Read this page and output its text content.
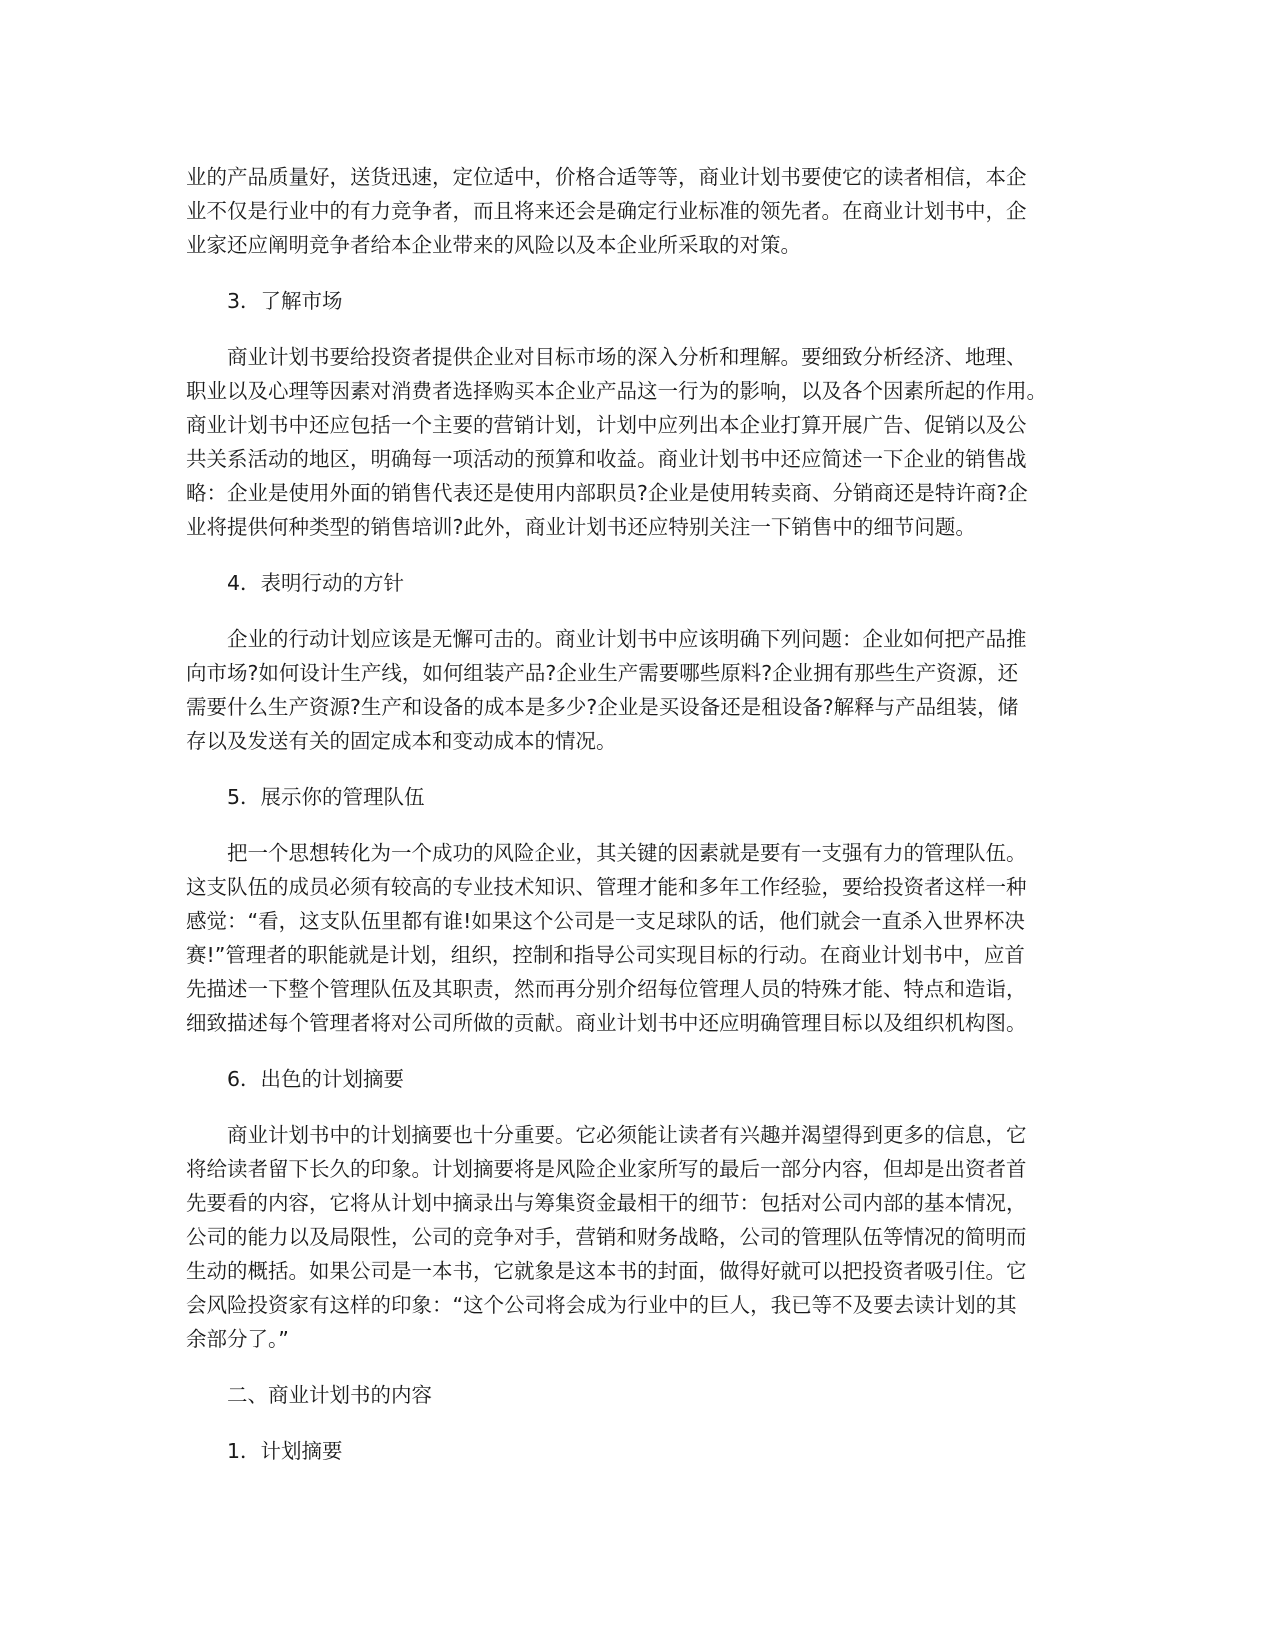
业的产品质量好，送货迅速，定位适中，价格合适等等，商业计划书要使它的读者相信，本企
业不仅是行业中的有力竞争者，而且将来还会是确定行业标准的领先者。在商业计划书中，企
业家还应阐明竞争者给本企业带来的风险以及本企业所采取的对策。
3．了解市场
商业计划书要给投资者提供企业对目标市场的深入分析和理解。要细致分析经济、地理、
职业以及心理等因素对消费者选择购买本企业产品这一行为的影响，以及各个因素所起的作用。
商业计划书中还应包括一个主要的营销计划，计划中应列出本企业打算开展广告、促销以及公
共关系活动的地区，明确每一项活动的预算和收益。商业计划书中还应简述一下企业的销售战
略：企业是使用外面的销售代表还是使用内部职员?企业是使用转卖商、分销商还是特许商?企
业将提供何种类型的销售培训?此外，商业计划书还应特别关注一下销售中的细节问题。
4．表明行动的方针
企业的行动计划应该是无懈可击的。商业计划书中应该明确下列问题：企业如何把产品推
向市场?如何设计生产线，如何组装产品?企业生产需要哪些原料?企业拥有那些生产资源，还
需要什么生产资源?生产和设备的成本是多少?企业是买设备还是租设备?解释与产品组装，储
存以及发送有关的固定成本和变动成本的情况。
5．展示你的管理队伍
把一个思想转化为一个成功的风险企业，其关键的因素就是要有一支强有力的管理队伍。
这支队伍的成员必须有较高的专业技术知识、管理才能和多年工作经验，要给投资者这样一种
感觉：“看，这支队伍里都有谁!如果这个公司是一支足球队的话，他们就会一直杀入世界杯决
赛!”管理者的职能就是计划，组织，控制和指导公司实现目标的行动。在商业计划书中，应首
先描述一下整个管理队伍及其职责，然而再分别介绍每位管理人员的特殊才能、特点和造诣，
细致描述每个管理者将对公司所做的贡献。商业计划书中还应明确管理目标以及组织机构图。
6．出色的计划摘要
商业计划书中的计划摘要也十分重要。它必须能让读者有兴趣并渴望得到更多的信息，它
将给读者留下长久的印象。计划摘要将是风险企业家所写的最后一部分内容，但却是出资者首
先要看的内容，它将从计划中摘录出与筹集资金最相干的细节：包括对公司内部的基本情况，
公司的能力以及局限性，公司的竞争对手，营销和财务战略，公司的管理队伍等情况的简明而
生动的概括。如果公司是一本书，它就象是这本书的封面，做得好就可以把投资者吸引住。它
会风险投资家有这样的印象：“这个公司将会成为行业中的巨人，我已等不及要去读计划的其
余部分了。”
二、商业计划书的内容
1．计划摘要
